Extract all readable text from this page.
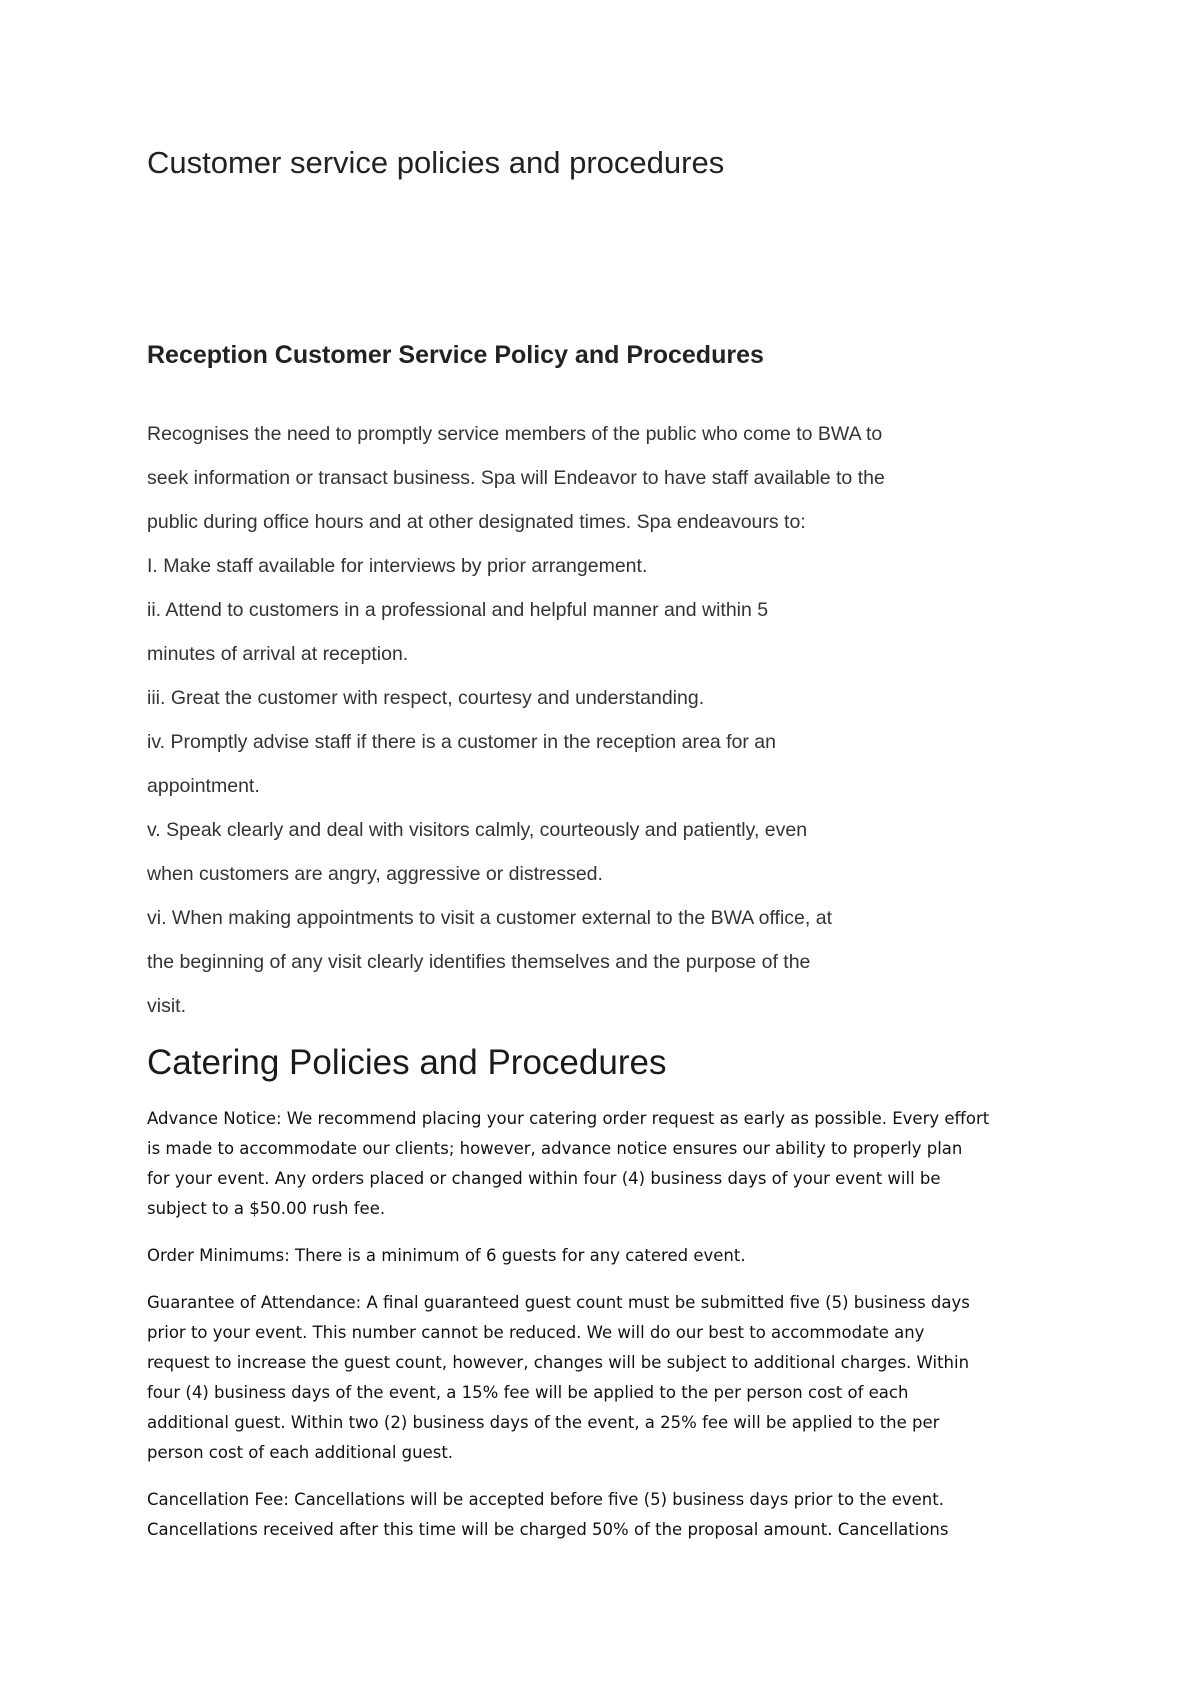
Customer service policies and procedures
Reception Customer Service Policy and Procedures
Recognises the need to promptly service members of the public who come to BWA to
seek information or transact business. Spa will Endeavor to have staff available to the
public during office hours and at other designated times. Spa endeavours to:
I. Make staff available for interviews by prior arrangement.
ii. Attend to customers in a professional and helpful manner and within 5
minutes of arrival at reception.
iii. Great the customer with respect, courtesy and understanding.
iv. Promptly advise staff if there is a customer in the reception area for an
appointment.
v. Speak clearly and deal with visitors calmly, courteously and patiently, even
when customers are angry, aggressive or distressed.
vi. When making appointments to visit a customer external to the BWA office, at
the beginning of any visit clearly identifies themselves and the purpose of the
visit.
Catering Policies and Procedures
Advance Notice: We recommend placing your catering order request as early as possible. Every effort
is made to accommodate our clients; however, advance notice ensures our ability to properly plan
for your event. Any orders placed or changed within four (4) business days of your event will be
subject to a $50.00 rush fee.
Order Minimums: There is a minimum of 6 guests for any catered event.
Guarantee of Attendance: A final guaranteed guest count must be submitted five (5) business days
prior to your event. This number cannot be reduced. We will do our best to accommodate any
request to increase the guest count, however, changes will be subject to additional charges. Within
four (4) business days of the event, a 15% fee will be applied to the per person cost of each
additional guest. Within two (2) business days of the event, a 25% fee will be applied to the per
person cost of each additional guest.
Cancellation Fee: Cancellations will be accepted before five (5) business days prior to the event.
Cancellations received after this time will be charged 50% of the proposal amount. Cancellations
